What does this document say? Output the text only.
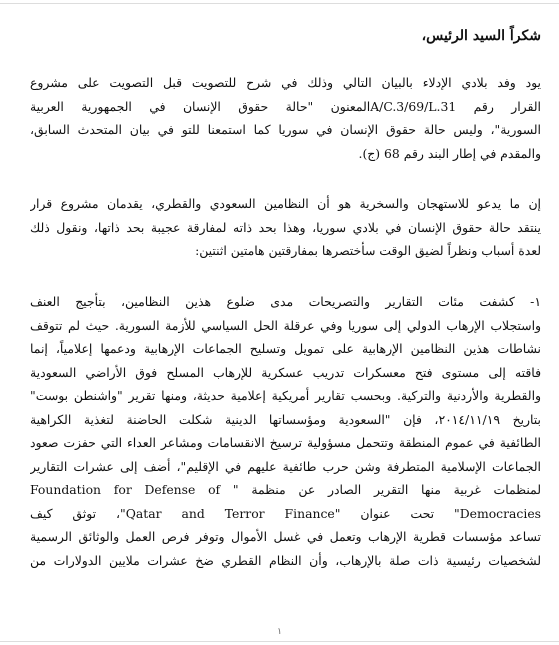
شكراً السيد الرئيس،
يود وفد بلادي الإدلاء بالبيان التالي وذلك في شرح للتصويت قبل التصويت على مشروع
القرار رقم A/C.3/69/L.31المعنون "حالة حقوق الإنسان في الجمهورية العربية
السورية"، وليس حالة حقوق الإنسان في سوريا كما استمعنا للتو في بيان المتحدث السابق،
والمقدم في إطار البند رقم 68 (ج).
إن ما يدعو للاستهجان والسخرية هو أن النظامين السعودي والقطري، يقدمان مشروع قرار
ينتقد حالة حقوق الإنسان في بلادي سوريا، وهذا بحد ذاته لمفارقة عجيبة بحد ذاتها، ونقول ذلك
لعدة أسباب ونظراً لضيق الوقت سأختصرها بمفارقتين هامتين اثنتين:
١- كشفت مئات التقارير والتصريحات مدى ضلوع هذين النظامين، بتأجيج العنف
واستجلاب الإرهاب الدولي إلى سوريا وفي عرقلة الحل السياسي للأزمة السورية. حيث لم تتوقف
نشاطات هذين النظامين الإرهابية على تمويل وتسليح الجماعات الإرهابية ودعمها إعلامياً، إنما
فاقته إلى مستوى فتح معسكرات تدريب عسكرية للإرهاب المسلح فوق الأراضي السعودية
والقطرية والأردنية والتركية. وبحسب تقارير أمريكية إعلامية حديثة، ومنها تقرير "واشنطن بوست"
بتاريخ ٢٠١٤/١١/١٩، فإن "السعودية ومؤسساتها الدينية شكلت الحاضنة لتغذية الكراهية
الطائفية في عموم المنطقة وتتحمل مسؤولية ترسيخ الانقسامات ومشاعر العداء التي حفزت صعود
الجماعات الإسلامية المتطرفة وشن حرب طائفية عليهم في الإقليم"، أضف إلى عشرات التقارير
لمنظمات غربية منها التقرير الصادر عن منظمة " Foundation for Defense of
Democracies" تحت عنوان "Qatar and Terror Finance"، توثق كيف
تساعد مؤسسات قطرية الإرهاب وتعمل في غسل الأموال وتوفر فرص العمل والوثائق الرسمية
لشخصيات رئيسية ذات صلة بالإرهاب، وأن النظام القطري ضخ عشرات ملايين الدولارات من
١
